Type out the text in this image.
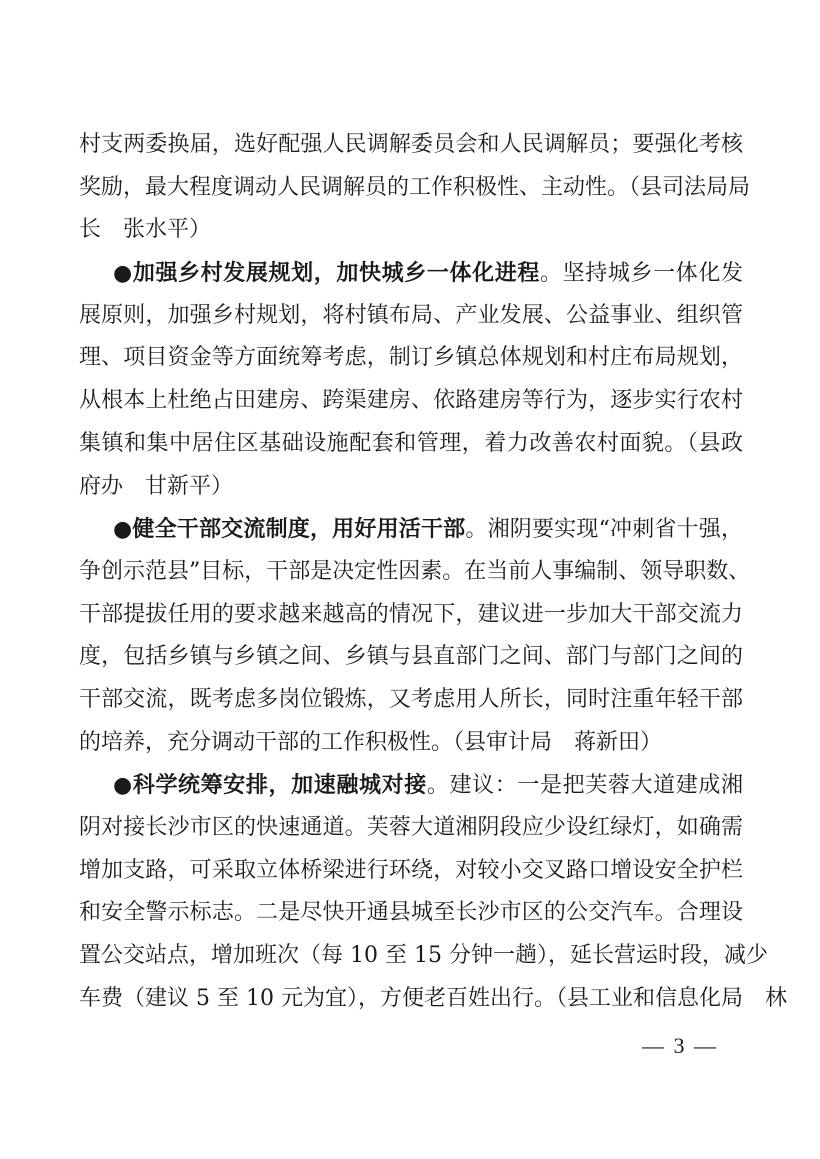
村支两委换届，选好配强人民调解委员会和人民调解员；要强化考核
奖励，最大程度调动人民调解员的工作积极性、主动性。（县司法局局
长　张水平）
●加强乡村发展规划，加快城乡一体化进程。坚持城乡一体化发
展原则，加强乡村规划，将村镇布局、产业发展、公益事业、组织管
理、项目资金等方面统筹考虑，制订乡镇总体规划和村庄布局规划，
从根本上杜绝占田建房、跨渠建房、依路建房等行为，逐步实行农村
集镇和集中居住区基础设施配套和管理，着力改善农村面貌。（县政
府办　甘新平）
●健全干部交流制度，用好用活干部。湘阴要实现“冲刺省十强，
争创示范县”目标，干部是决定性因素。在当前人事编制、领导职数、
干部提拔任用的要求越来越高的情况下，建议进一步加大干部交流力
度，包括乡镇与乡镇之间、乡镇与县直部门之间、部门与部门之间的
干部交流，既考虑多岗位锻炼，又考虑用人所长，同时注重年轻干部
的培养，充分调动干部的工作积极性。（县审计局　蒋新田）
●科学统筹安排，加速融城对接。建议：一是把芙蓉大道建成湘
阴对接长沙市区的快速通道。芙蓉大道湘阴段应少设红绿灯，如确需
增加支路，可采取立体桥梁进行环绕，对较小交叉路口增设安全护栏
和安全警示标志。二是尽快开通县城至长沙市区的公交汽车。合理设
置公交站点，增加班次（每 10 至 15 分钟一趟），延长营运时段，减少
车费（建议 5 至 10 元为宜），方便老百姓出行。（县工业和信息化局　林
— 3 —
